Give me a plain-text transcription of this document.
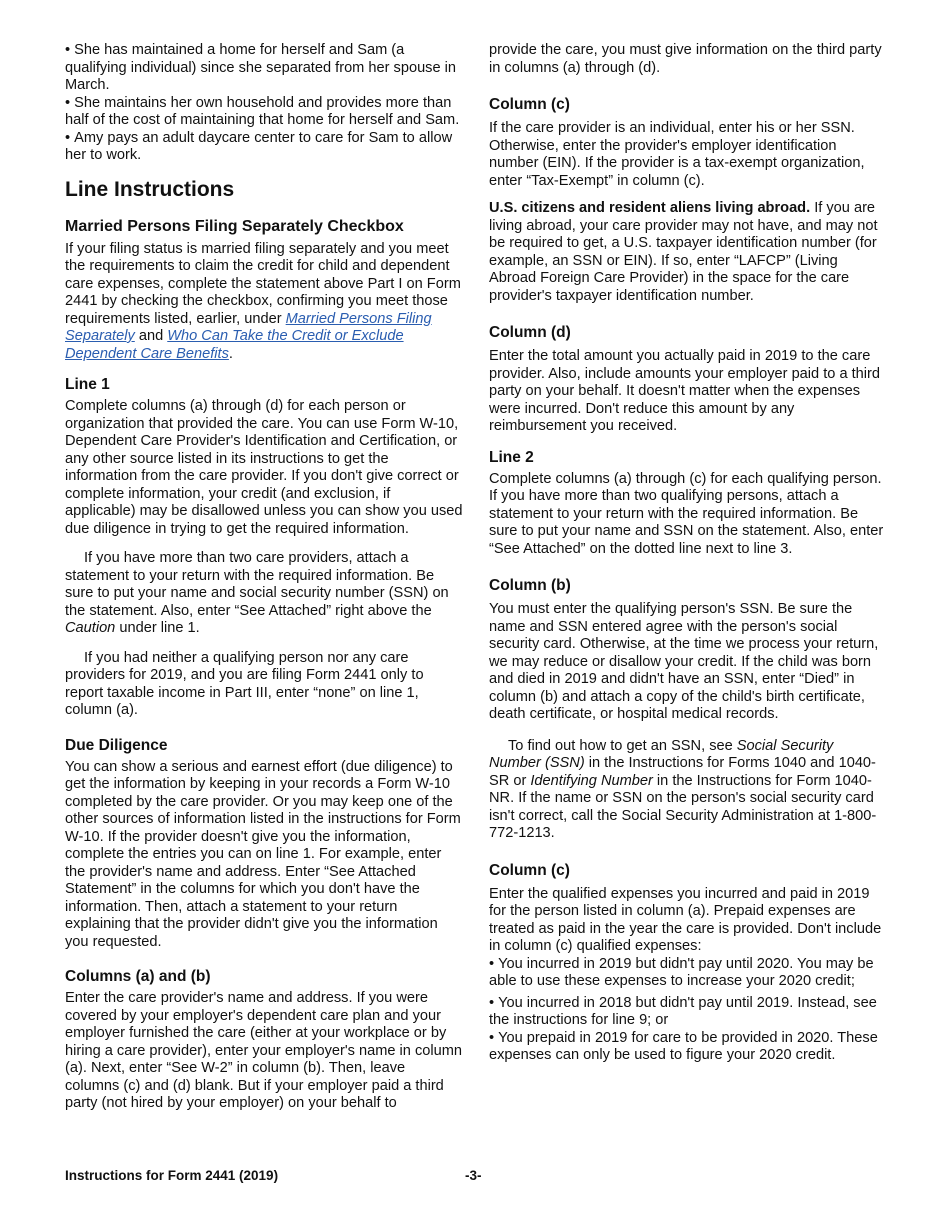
• She has maintained a home for herself and Sam (a qualifying individual) since she separated from her spouse in March.

• She maintains her own household and provides more than half of the cost of maintaining that home for herself and Sam.

• Amy pays an adult daycare center to care for Sam to allow her to work.

Line Instructions
Married Persons Filing Separately Checkbox

If your filing status is married filing separately and you meet the requirements to claim the credit for child and dependent care expenses, complete the statement above Part I on Form 2441 by checking the checkbox, confirming you meet those requirements listed, earlier, under Married Persons Filing Separately and Who Can Take the Credit or Exclude Dependent Care Benefits.

Line 1

Complete columns (a) through (d) for each person or organization that provided the care. You can use Form W-10, Dependent Care Provider's Identification and Certification, or any other source listed in its instructions to get the information from the care provider. If you don't give correct or complete information, your credit (and exclusion, if applicable) may be disallowed unless you can show you used due diligence in trying to get the required information.

If you have more than two care providers, attach a statement to your return with the required information. Be sure to put your name and social security number (SSN) on the statement. Also, enter “See Attached” right above the Caution under line 1.

If you had neither a qualifying person nor any care providers for 2019, and you are filing Form 2441 only to report taxable income in Part III, enter “none” on line 1, column (a).

Due Diligence

You can show a serious and earnest effort (due diligence) to get the information by keeping in your records a Form W-10 completed by the care provider. Or you may keep one of the other sources of information listed in the instructions for Form W-10. If the provider doesn't give you the information, complete the entries you can on line 1. For example, enter the provider's name and address. Enter “See Attached Statement” in the columns for which you don't have the information. Then, attach a statement to your return explaining that the provider didn't give you the information you requested.

Columns (a) and (b)

Enter the care provider's name and address. If you were covered by your employer's dependent care plan and your employer furnished the care (either at your workplace or by hiring a care provider), enter your employer's name in column (a). Next, enter “See W-2” in column (b). Then, leave columns (c) and (d) blank. But if your employer paid a third party (not hired by your employer) on your behalf to

provide the care, you must give information on the third party in columns (a) through (d).

Column (c)

If the care provider is an individual, enter his or her SSN. Otherwise, enter the provider's employer identification number (EIN). If the provider is a tax-exempt organization, enter “Tax-Exempt” in column (c).

U.S. citizens and resident aliens living abroad. If you are living abroad, your care provider may not have, and may not be required to get, a U.S. taxpayer identification number (for example, an SSN or EIN). If so, enter “LAFCP” (Living Abroad Foreign Care Provider) in the space for the care provider's taxpayer identification number.

Column (d)

Enter the total amount you actually paid in 2019 to the care provider. Also, include amounts your employer paid to a third party on your behalf. It doesn't matter when the expenses were incurred. Don't reduce this amount by any reimbursement you received.

Line 2

Complete columns (a) through (c) for each qualifying person. If you have more than two qualifying persons, attach a statement to your return with the required information. Be sure to put your name and SSN on the statement. Also, enter “See Attached” on the dotted line next to line 3.

Column (b)

You must enter the qualifying person's SSN. Be sure the name and SSN entered agree with the person's social security card. Otherwise, at the time we process your return, we may reduce or disallow your credit. If the child was born and died in 2019 and didn't have an SSN, enter “Died” in column (b) and attach a copy of the child's birth certificate, death certificate, or hospital medical records.

To find out how to get an SSN, see Social Security Number (SSN) in the Instructions for Forms 1040 and 1040-SR or Identifying Number in the Instructions for Form 1040-NR. If the name or SSN on the person's social security card isn't correct, call the Social Security Administration at 1-800-772-1213.

Column (c)

Enter the qualified expenses you incurred and paid in 2019 for the person listed in column (a). Prepaid expenses are treated as paid in the year the care is provided. Don't include in column (c) qualified expenses:

• You incurred in 2019 but didn't pay until 2020. You may be able to use these expenses to increase your 2020 credit;

• You incurred in 2018 but didn't pay until 2019. Instead, see the instructions for line 9; or

• You prepaid in 2019 for care to be provided in 2020. These expenses can only be used to figure your 2020 credit.

Instructions for Form 2441 (2019)	-3-
